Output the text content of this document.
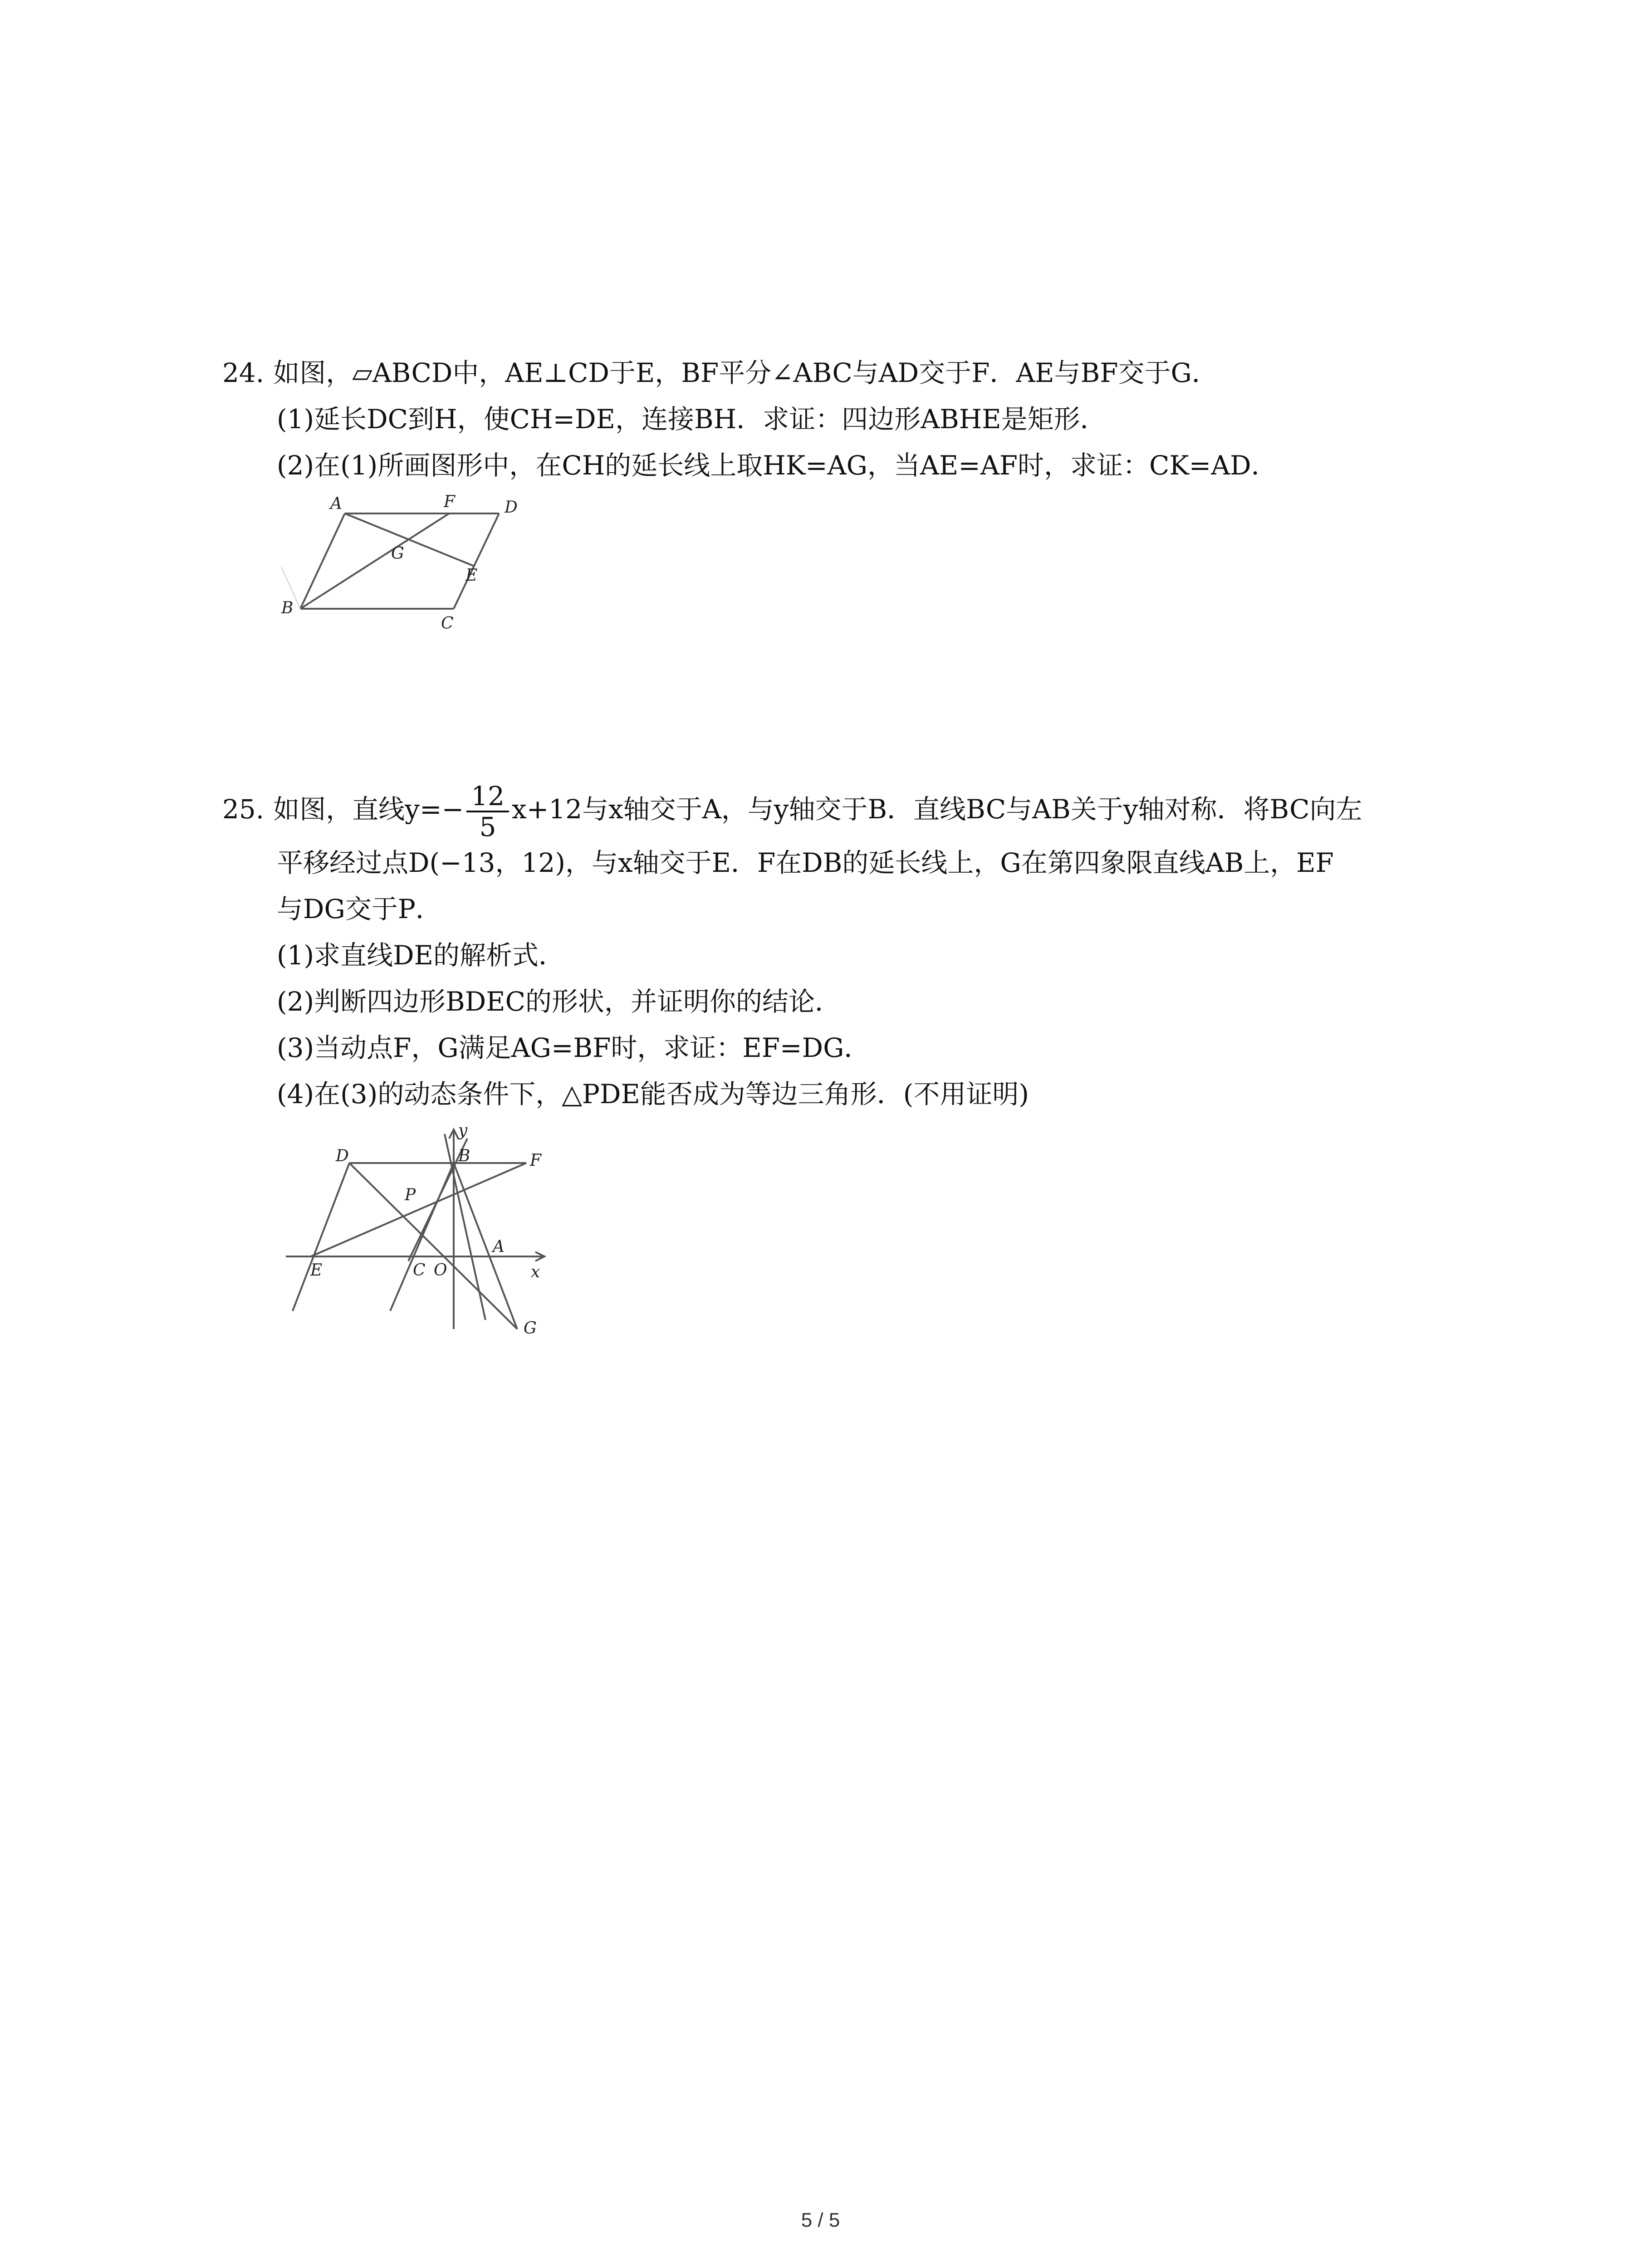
24. 如图，▱ABCD中，AE⊥CD于E，BF平分∠ABC与AD交于F．AE与BF交于G．
(1)延长DC到H，使CH=DE，连接BH．求证：四边形ABHE是矩形．
(2)在(1)所画图形中，在CH的延长线上取HK=AG，当AE=AF时，求证：CK=AD．
A	F	D
G
E
B
C
25. 如图，直线$y=- \frac{12}{5} x+12$与x轴交于A，与y轴交于B．直线BC与AB关于y轴对称．将BC向左
平移经过点D(−13，12)，与x轴交于E．F在DB的延长线上，G在第四象限直线AB上，EF
与DG交于P．
(1)求直线DE的解析式．
(2)判断四边形BDEC的形状，并证明你的结论．
(3)当动点F，G满足AG=BF时，求证：EF=DG．
(4)在(3)的动态条件下，△PDE能否成为等边三角形．(不用证明)
y
D	B	F
P
A
E	C O	x
G
5 / 5
